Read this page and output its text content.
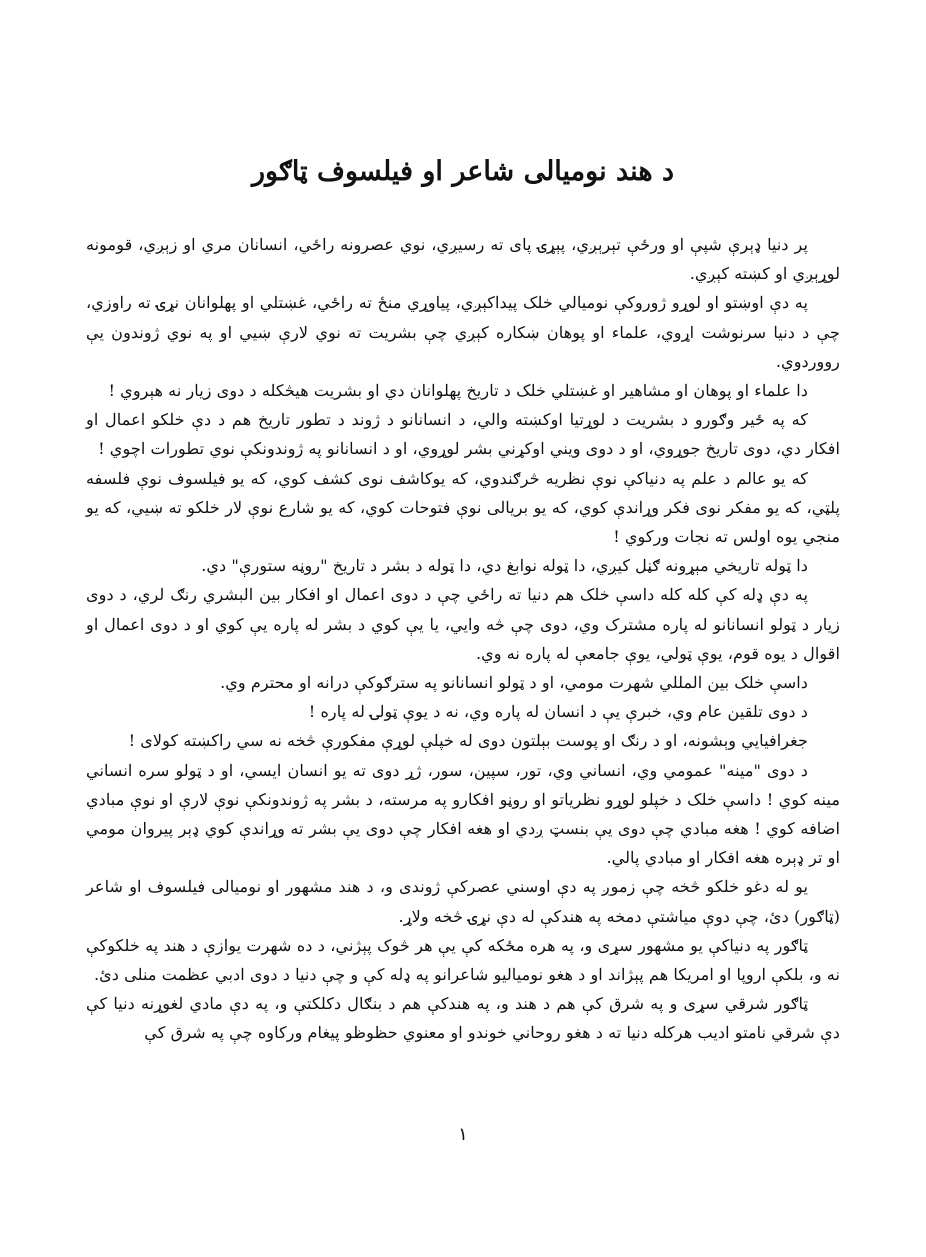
د هند نوميالی شاعر او فيلسوف ټاګور

پر دنيا ډېرې شپې او ورځې تېرېږي، پېړۍ پای ته رسيږي، نوي عصرونه راځي، انسانان مري او زېږي، قومونه لوړېږي او کښته کېږي.

په دې اوښتو او لوړو ژوروکې نوميالي خلک پيداکېږي، پياوړي منځ ته راځي، غښتلي او پهلوانان نړۍ ته راوزي، چې د دنيا سرنوشت اړوي، علماء او پوهان ښکاره کېږي چې بشريت ته نوي لارې ښيي او په نوي ژوندون يې رووردوي.

دا علماء او پوهان او مشاهير او غښتلي خلک د تاريخ پهلوانان دي او بشريت هيڅکله د دوی زيار نه هېروي !

که په ځير وګورو د بشريت د لوړتيا اوکښته والي، د انسانانو د ژوند د تطور تاريخ هم د دې خلکو اعمال او افکار دي، دوی تاريخ جوړوي، او د دوی ويني اوکړني بشر لوړوي، او د انسانانو په ژوندونکې نوي تطورات اچوي !

که يو عالم د علم په دنياکې نوې نظريه څرګندوي، که يوکاشف نوی کشف کوي، که يو فيلسوف نوې فلسفه پلټي، که يو مفکر نوی فکر وړاندې کوي، که يو بريالی نوې فتوحات کوي، که يو شارع نوې لار خلکو ته ښيي، که يو منجي يوه اولس ته نجات ورکوي !

دا ټوله تاريخي مېړونه ګڼل کيږي، دا ټوله نوابغ دي، دا ټوله د بشر د تاريخ "روڼه ستورې" دي.

په دې ډله کې کله کله داسې خلک هم دنيا ته راځي چې د دوی اعمال او افکار بين البشري رنګ لري، د دوی زيار د ټولو انسانانو له پاره مشترک وي، دوی چې څه وايي، يا يې کوي د بشر له پاره يې کوي او د دوی اعمال او اقوال د يوه قوم، يوې ټولي، يوې جامعې له پاره نه وي.

داسې خلک بين المللي شهرت مومي، او د ټولو انسانانو په سترګوکې درانه او محترم وي.

د دوی تلقين عام وي، خبرې يې د انسان له پاره وي، نه د يوې ټولۍ له پاره !

جغرافيايي وېشونه، او د رنګ او پوست بېلتون دوی له خپلې لوړې مفکورې څخه نه سي راکښته کولای !

د دوی "مينه" عمومي وي، انساني وي، تور، سپين، سور، ژړ دوی ته يو انسان ايسي، او د ټولو سره انساني مينه کوي ! داسې خلک د خپلو لوړو نظرياتو او روڼو افکارو په مرسته، د بشر په ژوندونکې نوې لارې او نوې مبادي اضافه کوي ! هغه مبادي چې دوی يې بنسټ ږدي او هغه افکار چې دوی يې بشر ته وړاندې کوي ډېر پيروان مومي او تر ډېره هغه افکار او مبادي پالي.

يو له دغو خلکو څخه چې زموږ په دې اوسني عصرکې ژوندی و، د هند مشهور او نوميالی فيلسوف او شاعر (ټاګور) دئ، چې دوې مياشتې دمخه په هندکې له دې نړۍ څخه ولاړ.

ټاګور په دنياکې يو مشهور سړی و، په هره مځکه کې يې هر څوک پېژني، د ده شهرت يوازې د هند په خلکوکې نه و، بلکې اروپا او امريکا هم پېژاند او د هغو نوميالیو شاعرانو په ډله کې و چې دنيا د دوی ادبي عظمت منلی دئ.

ټاګور شرقي سړی و په شرق کې هم د هند و، په هندکې هم د بنګال دکلکتې و، په دې مادي لغوړنه دنيا کې دې شرقي نامتو اديب هرکله دنيا ته د هغو روحاني خوندو او معنوي حظوظو پيغام ورکاوه چې په شرق کې

١
